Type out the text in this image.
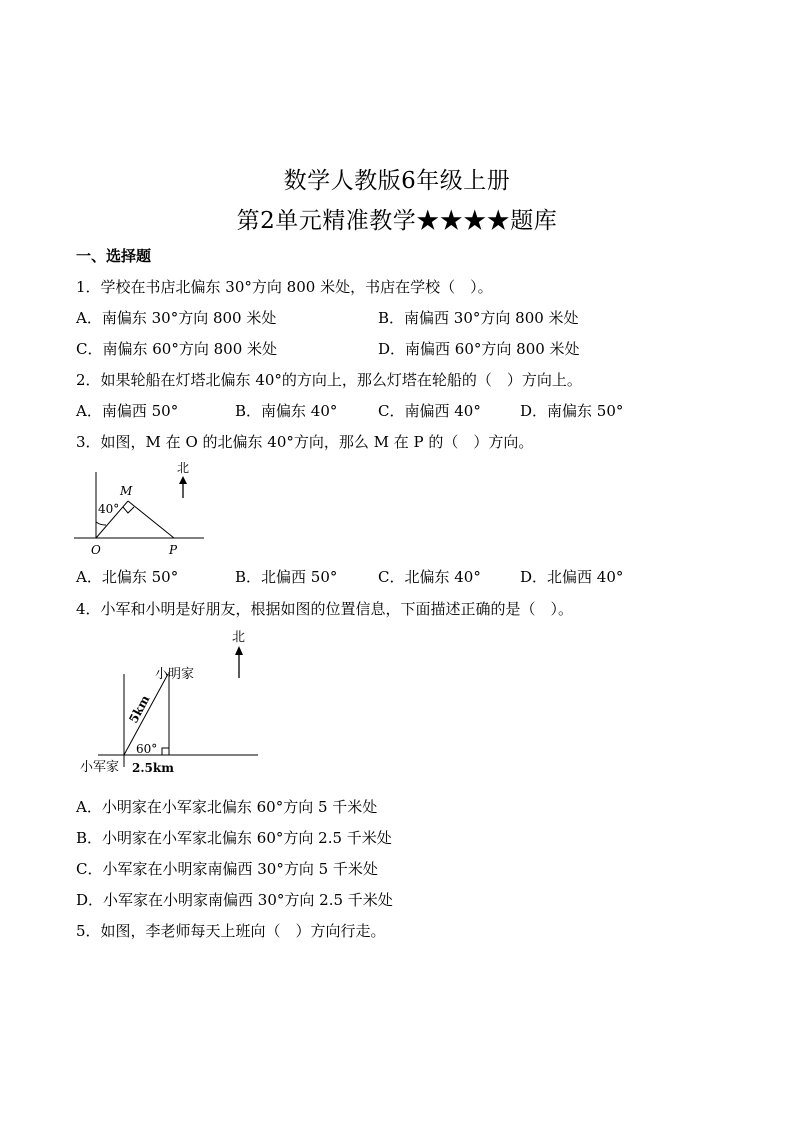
数学人教版6年级上册
第2单元精准教学★★★★题库
一、选择题
1．学校在书店北偏东 30°方向 800 米处，书店在学校（　）。
A．南偏东 30°方向 800 米处	B．南偏西 30°方向 800 米处
C．南偏东 60°方向 800 米处	D．南偏西 60°方向 800 米处
2．如果轮船在灯塔北偏东 40°的方向上，那么灯塔在轮船的（　）方向上。
A．南偏西 50°	B．南偏东 40°	C．南偏西 40°	D．南偏东 50°
3．如图，M 在 O 的北偏东 40°方向，那么 M 在 P 的（　）方向。
北
40°
M
O	P
A．北偏东 50°	B．北偏西 50°	C．北偏东 40°	D．北偏西 40°
4．小军和小明是好朋友，根据如图的位置信息，下面描述正确的是（　）。
北
小明家
小军家
60°
2.5km
5km
A．小明家在小军家北偏东 60°方向 5 千米处
B．小明家在小军家北偏东 60°方向 2.5 千米处
C．小军家在小明家南偏西 30°方向 5 千米处
D．小军家在小明家南偏西 30°方向 2.5 千米处
5．如图，李老师每天上班向（　）方向行走。
